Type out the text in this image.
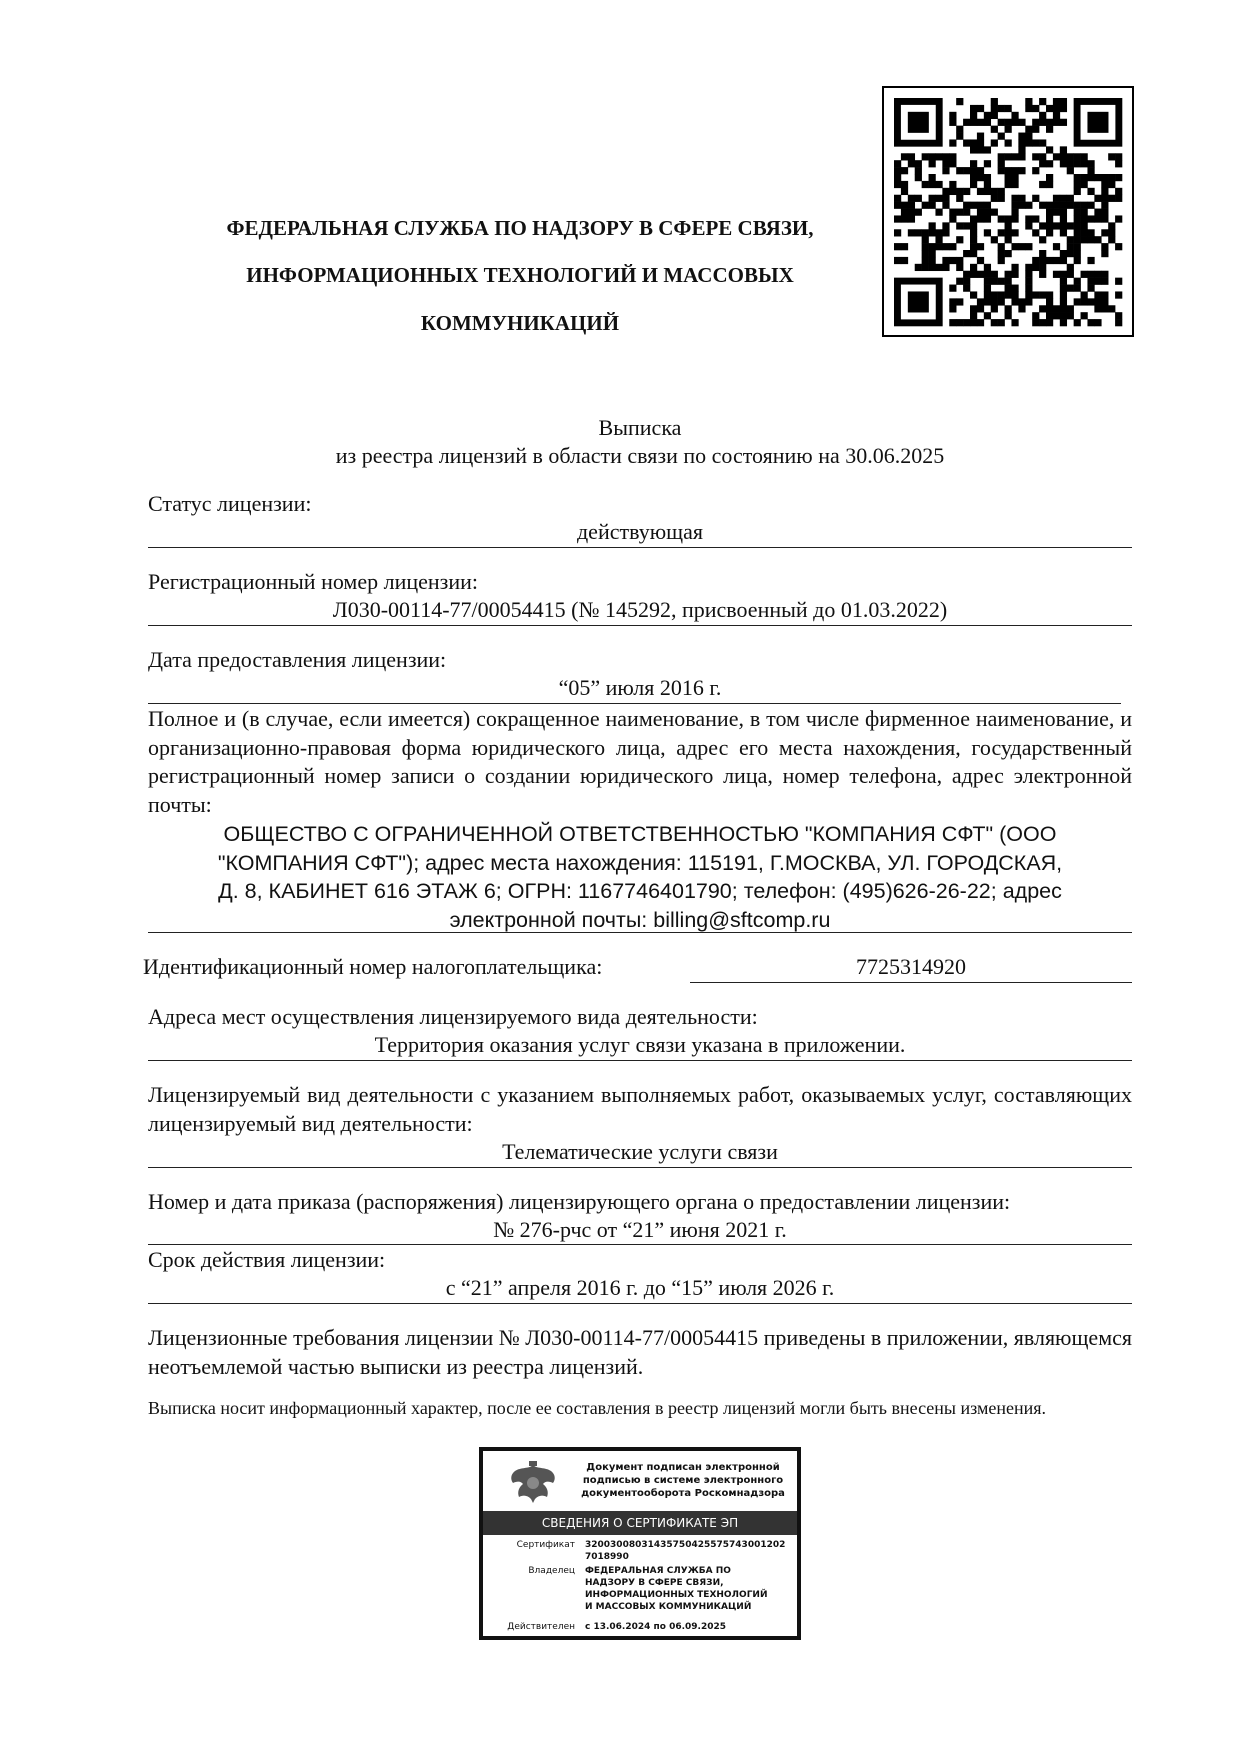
ФЕДЕРАЛЬНАЯ СЛУЖБА ПО НАДЗОРУ В СФЕРЕ СВЯЗИ,
ИНФОРМАЦИОННЫХ ТЕХНОЛОГИЙ И МАССОВЫХ
КОММУНИКАЦИЙ
Выписка
из реестра лицензий в области связи по состоянию на 30.06.2025
Статус лицензии:
действующая
Регистрационный номер лицензии:
Л030-00114-77/00054415 (№ 145292, присвоенный до 01.03.2022)
Дата предоставления лицензии:
“05” июля 2016 г.
Полное и (в случае, если имеется) сокращенное наименование, в том числе фирменное наименование, и организационно-правовая форма юридического лица, адрес его места нахождения, государственный регистрационный номер записи о создании юридического лица, номер телефона, адрес электронной почты:
ОБЩЕСТВО С ОГРАНИЧЕННОЙ ОТВЕТСТВЕННОСТЬЮ "КОМПАНИЯ СФТ" (ООО
"КОМПАНИЯ СФТ"); адрес места нахождения: 115191, Г.МОСКВА, УЛ. ГОРОДСКАЯ,
Д. 8, КАБИНЕТ 616 ЭТАЖ 6; ОГРН: 1167746401790; телефон: (495)626-26-22; адрес
электронной почты: billing@sftcomp.ru
Идентификационный номер налогоплательщика:	7725314920
Адреса мест осуществления лицензируемого вида деятельности:
Территория оказания услуг связи указана в приложении.
Лицензируемый вид деятельности с указанием выполняемых работ, оказываемых услуг, составляющих лицензируемый вид деятельности:
Телематические услуги связи
Номер и дата приказа (распоряжения) лицензирующего органа о предоставлении лицензии:
№ 276-рчс от “21” июня 2021 г.
Срок действия лицензии:
с “21” апреля 2016 г. до “15” июля 2026 г.
Лицензионные требования лицензии № Л030-00114-77/00054415 приведены в приложении, являющемся неотъемлемой частью выписки из реестра лицензий.
Выписка носит информационный характер, после ее составления в реестр лицензий могли быть внесены изменения.
Документ подписан электронной
подписью в системе электронного
документооборота Роскомнадзора
СВЕДЕНИЯ О СЕРТИФИКАТЕ ЭП
Сертификат 32003008031435750425575743001202
7018990
Владелец ФЕДЕРАЛЬНАЯ СЛУЖБА ПО
НАДЗОРУ В СФЕРЕ СВЯЗИ,
ИНФОРМАЦИОННЫХ ТЕХНОЛОГИЙ
И МАССОВЫХ КОММУНИКАЦИЙ
Действителен с 13.06.2024 по 06.09.2025
